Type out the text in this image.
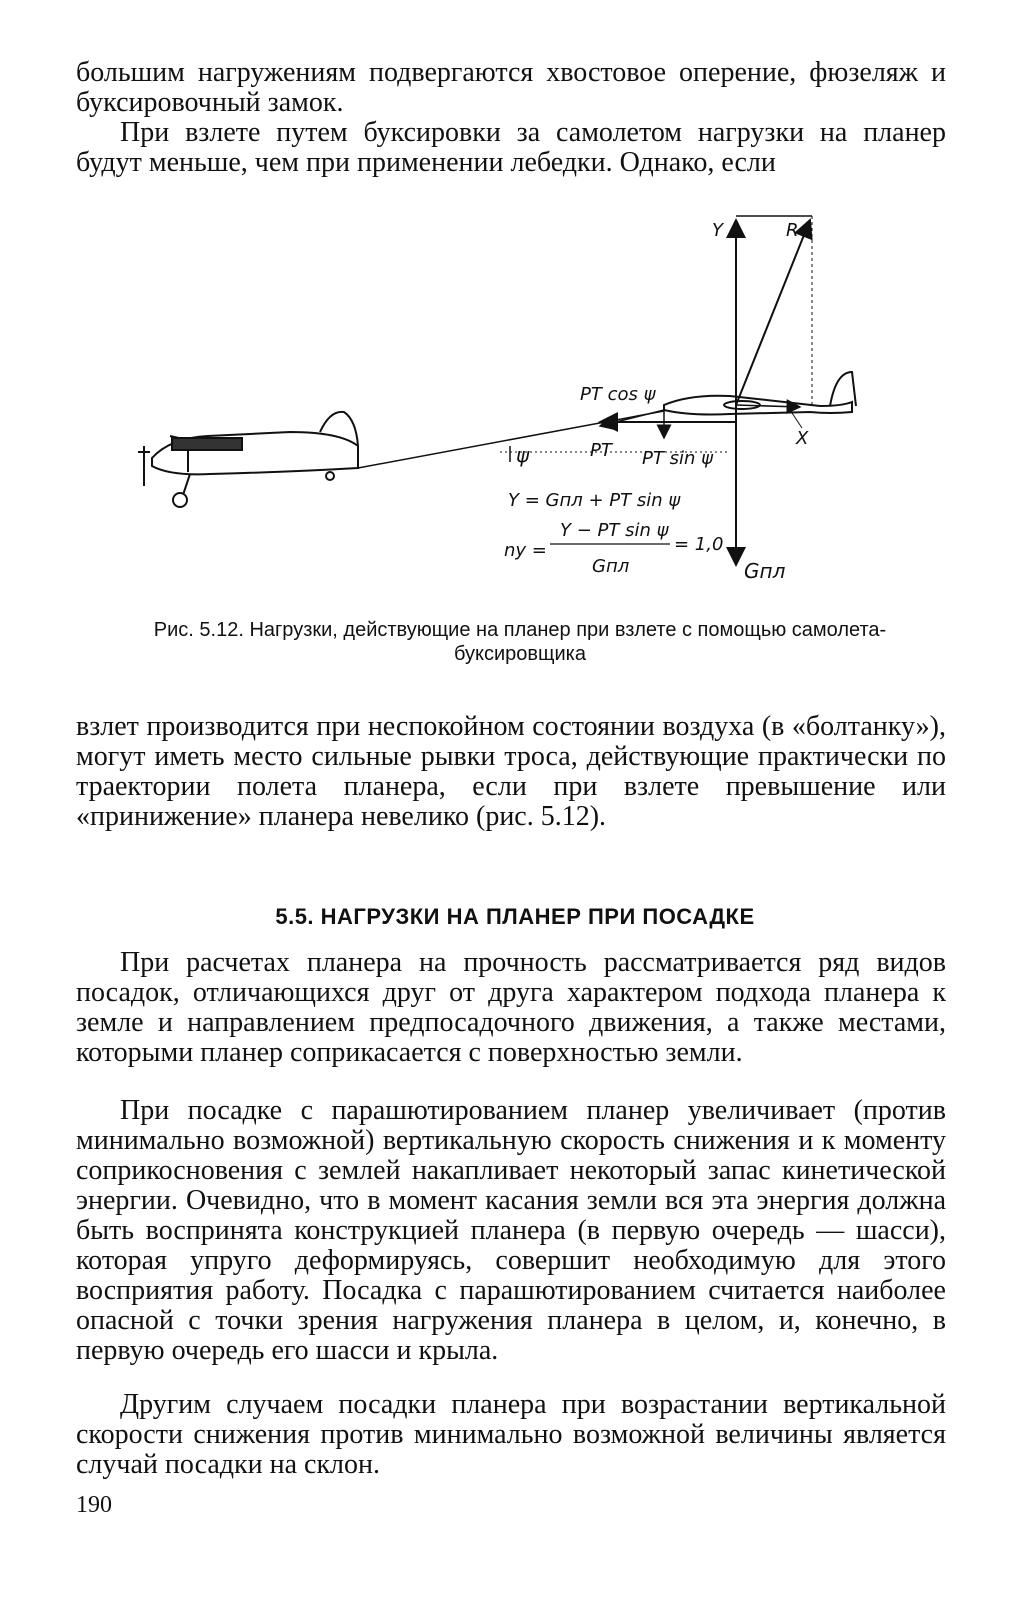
большим нагружениям подвергаются хвостовое оперение, фюзеляж и буксировочный замок.

При взлете путем буксировки за самолетом нагрузки на планер будут меньше, чем при применении лебедки. Однако, если

ψ
Y	R
X
Gпл
PT cos ψ
PT PT sin ψ
Y = Gпл + PT sin ψ
ny =
Y − PT sin ψ
Gпл
= 1,0
Рис. 5.12. Нагрузки, действующие на планер при взлете с помощью самолета-буксировщика

взлет производится при неспокойном состоянии воздуха (в «болтанку»), могут иметь место сильные рывки троса, действующие практически по траектории полета планера, если при взлете превышение или «принижение» планера невелико (рис. 5.12).

5.5. НАГРУЗКИ НА ПЛАНЕР ПРИ ПОСАДКЕ

При расчетах планера на прочность рассматривается ряд видов посадок, отличающихся друг от друга характером подхода планера к земле и направлением предпосадочного движения, а также местами, которыми планер соприкасается с поверхностью земли.

При посадке с парашютированием планер увеличивает (против минимально возможной) вертикальную скорость снижения и к моменту соприкосновения с землей накапливает некоторый запас кинетической энергии. Очевидно, что в момент касания земли вся эта энергия должна быть воспринята конструкцией планера (в первую очередь — шасси), которая упруго деформируясь, совершит необходимую для этого восприятия работу. Посадка с парашютированием считается наиболее опасной с точки зрения нагружения планера в целом, и, конечно, в первую очередь его шасси и крыла.

Другим случаем посадки планера при возрастании вертикальной скорости снижения против минимально возможной величины является случай посадки на склон.

190
